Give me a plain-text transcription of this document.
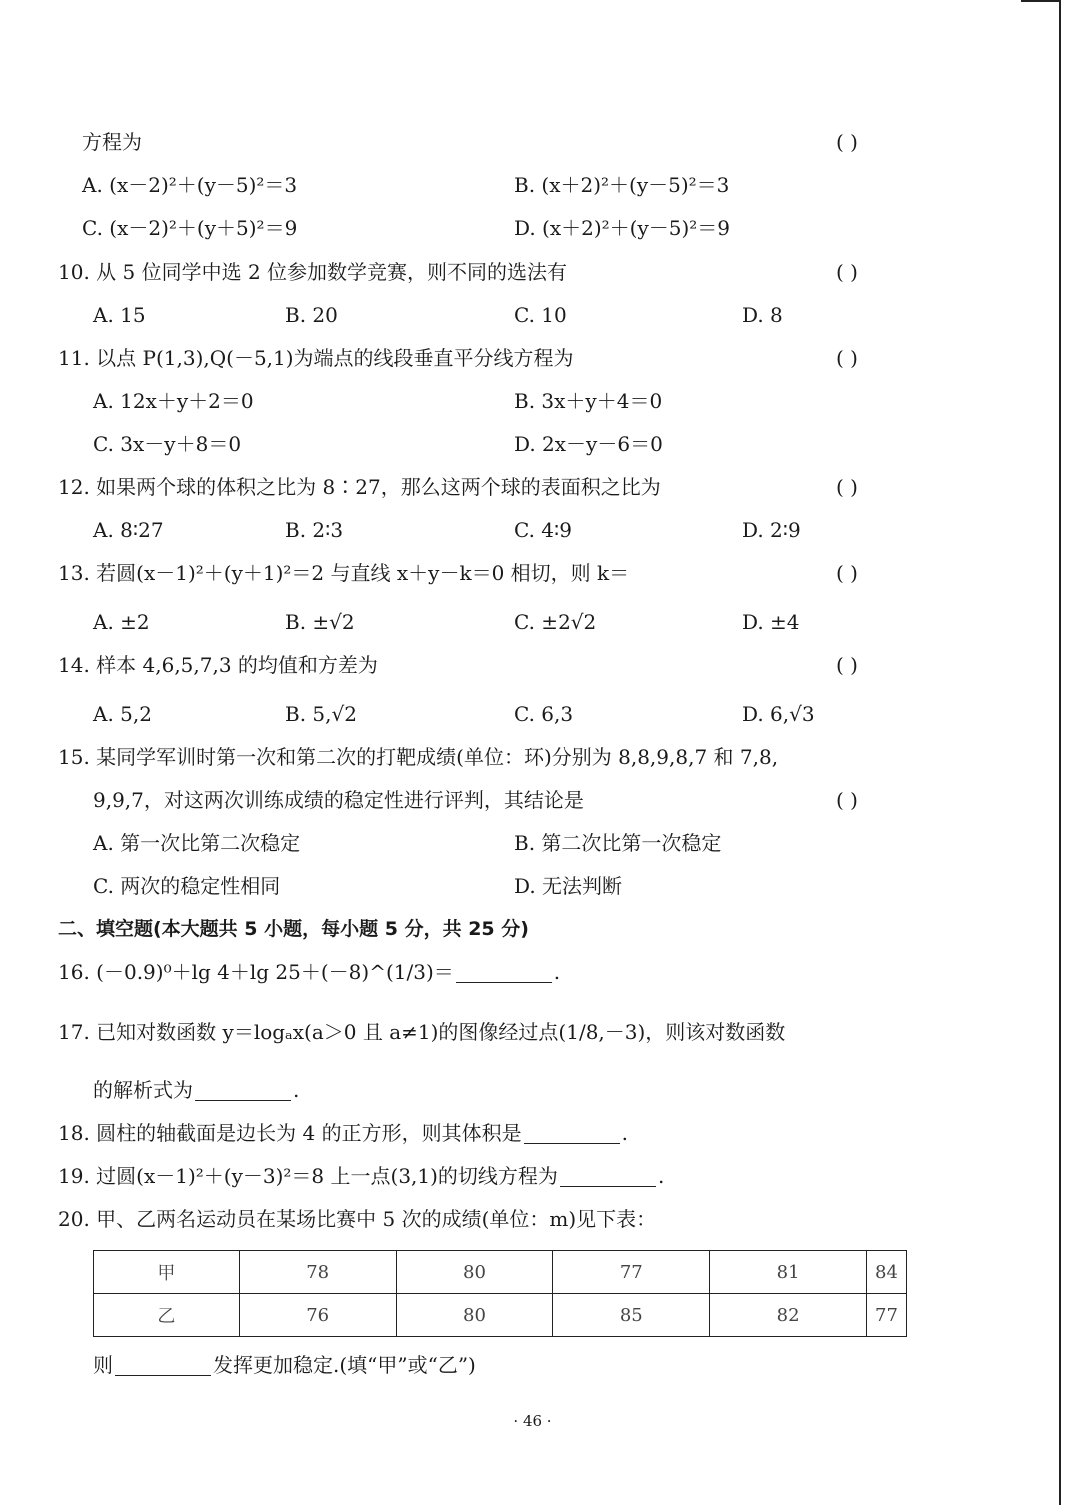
方程为	( )
A. (x－2)²＋(y－5)²＝3	B. (x＋2)²＋(y－5)²＝3
C. (x－2)²＋(y＋5)²＝9	D. (x＋2)²＋(y－5)²＝9
10. 从 5 位同学中选 2 位参加数学竞赛，则不同的选法有	( )
A. 15	B. 20	C. 10	D. 8
11. 以点 P(1,3),Q(－5,1)为端点的线段垂直平分线方程为	( )
A. 12x＋y＋2＝0	B. 3x＋y＋4＝0
C. 3x－y＋8＝0	D. 2x－y－6＝0
12. 如果两个球的体积之比为 8∶27，那么这两个球的表面积之比为	( )
A. 8∶27	B. 2∶3	C. 4∶9	D. 2∶9
13. 若圆(x－1)²＋(y＋1)²＝2 与直线 x＋y－k＝0 相切，则 k＝	( )
A. ±2	B. ±√2	C. ±2√2	D. ±4
14. 样本 4,6,5,7,3 的均值和方差为	( )
A. 5,2	B. 5,√2	C. 6,3	D. 6,√3
15. 某同学军训时第一次和第二次的打靶成绩(单位：环)分别为 8,8,9,8,7 和 7,8,
9,9,7，对这两次训练成绩的稳定性进行评判，其结论是	( )
A. 第一次比第二次稳定	B. 第二次比第一次稳定
C. 两次的稳定性相同	D. 无法判断
二、填空题(本大题共 5 小题，每小题 5 分，共 25 分)
16. (－0.9)⁰＋lg 4＋lg 25＋(－8)^(1/3)＝	.
17. 已知对数函数 y＝logₐx(a＞0 且 a≠1)的图像经过点(1/8,－3)，则该对数函数
的解析式为	.
18. 圆柱的轴截面是边长为 4 的正方形，则其体积是	.
19. 过圆(x－1)²＋(y－3)²＝8 上一点(3,1)的切线方程为	.
20. 甲、乙两名运动员在某场比赛中 5 次的成绩(单位：m)见下表：
甲	78	80	77	81	84
乙	76	80	85	82	77
则	发挥更加稳定.(填“甲”或“乙”)
· 46 ·
